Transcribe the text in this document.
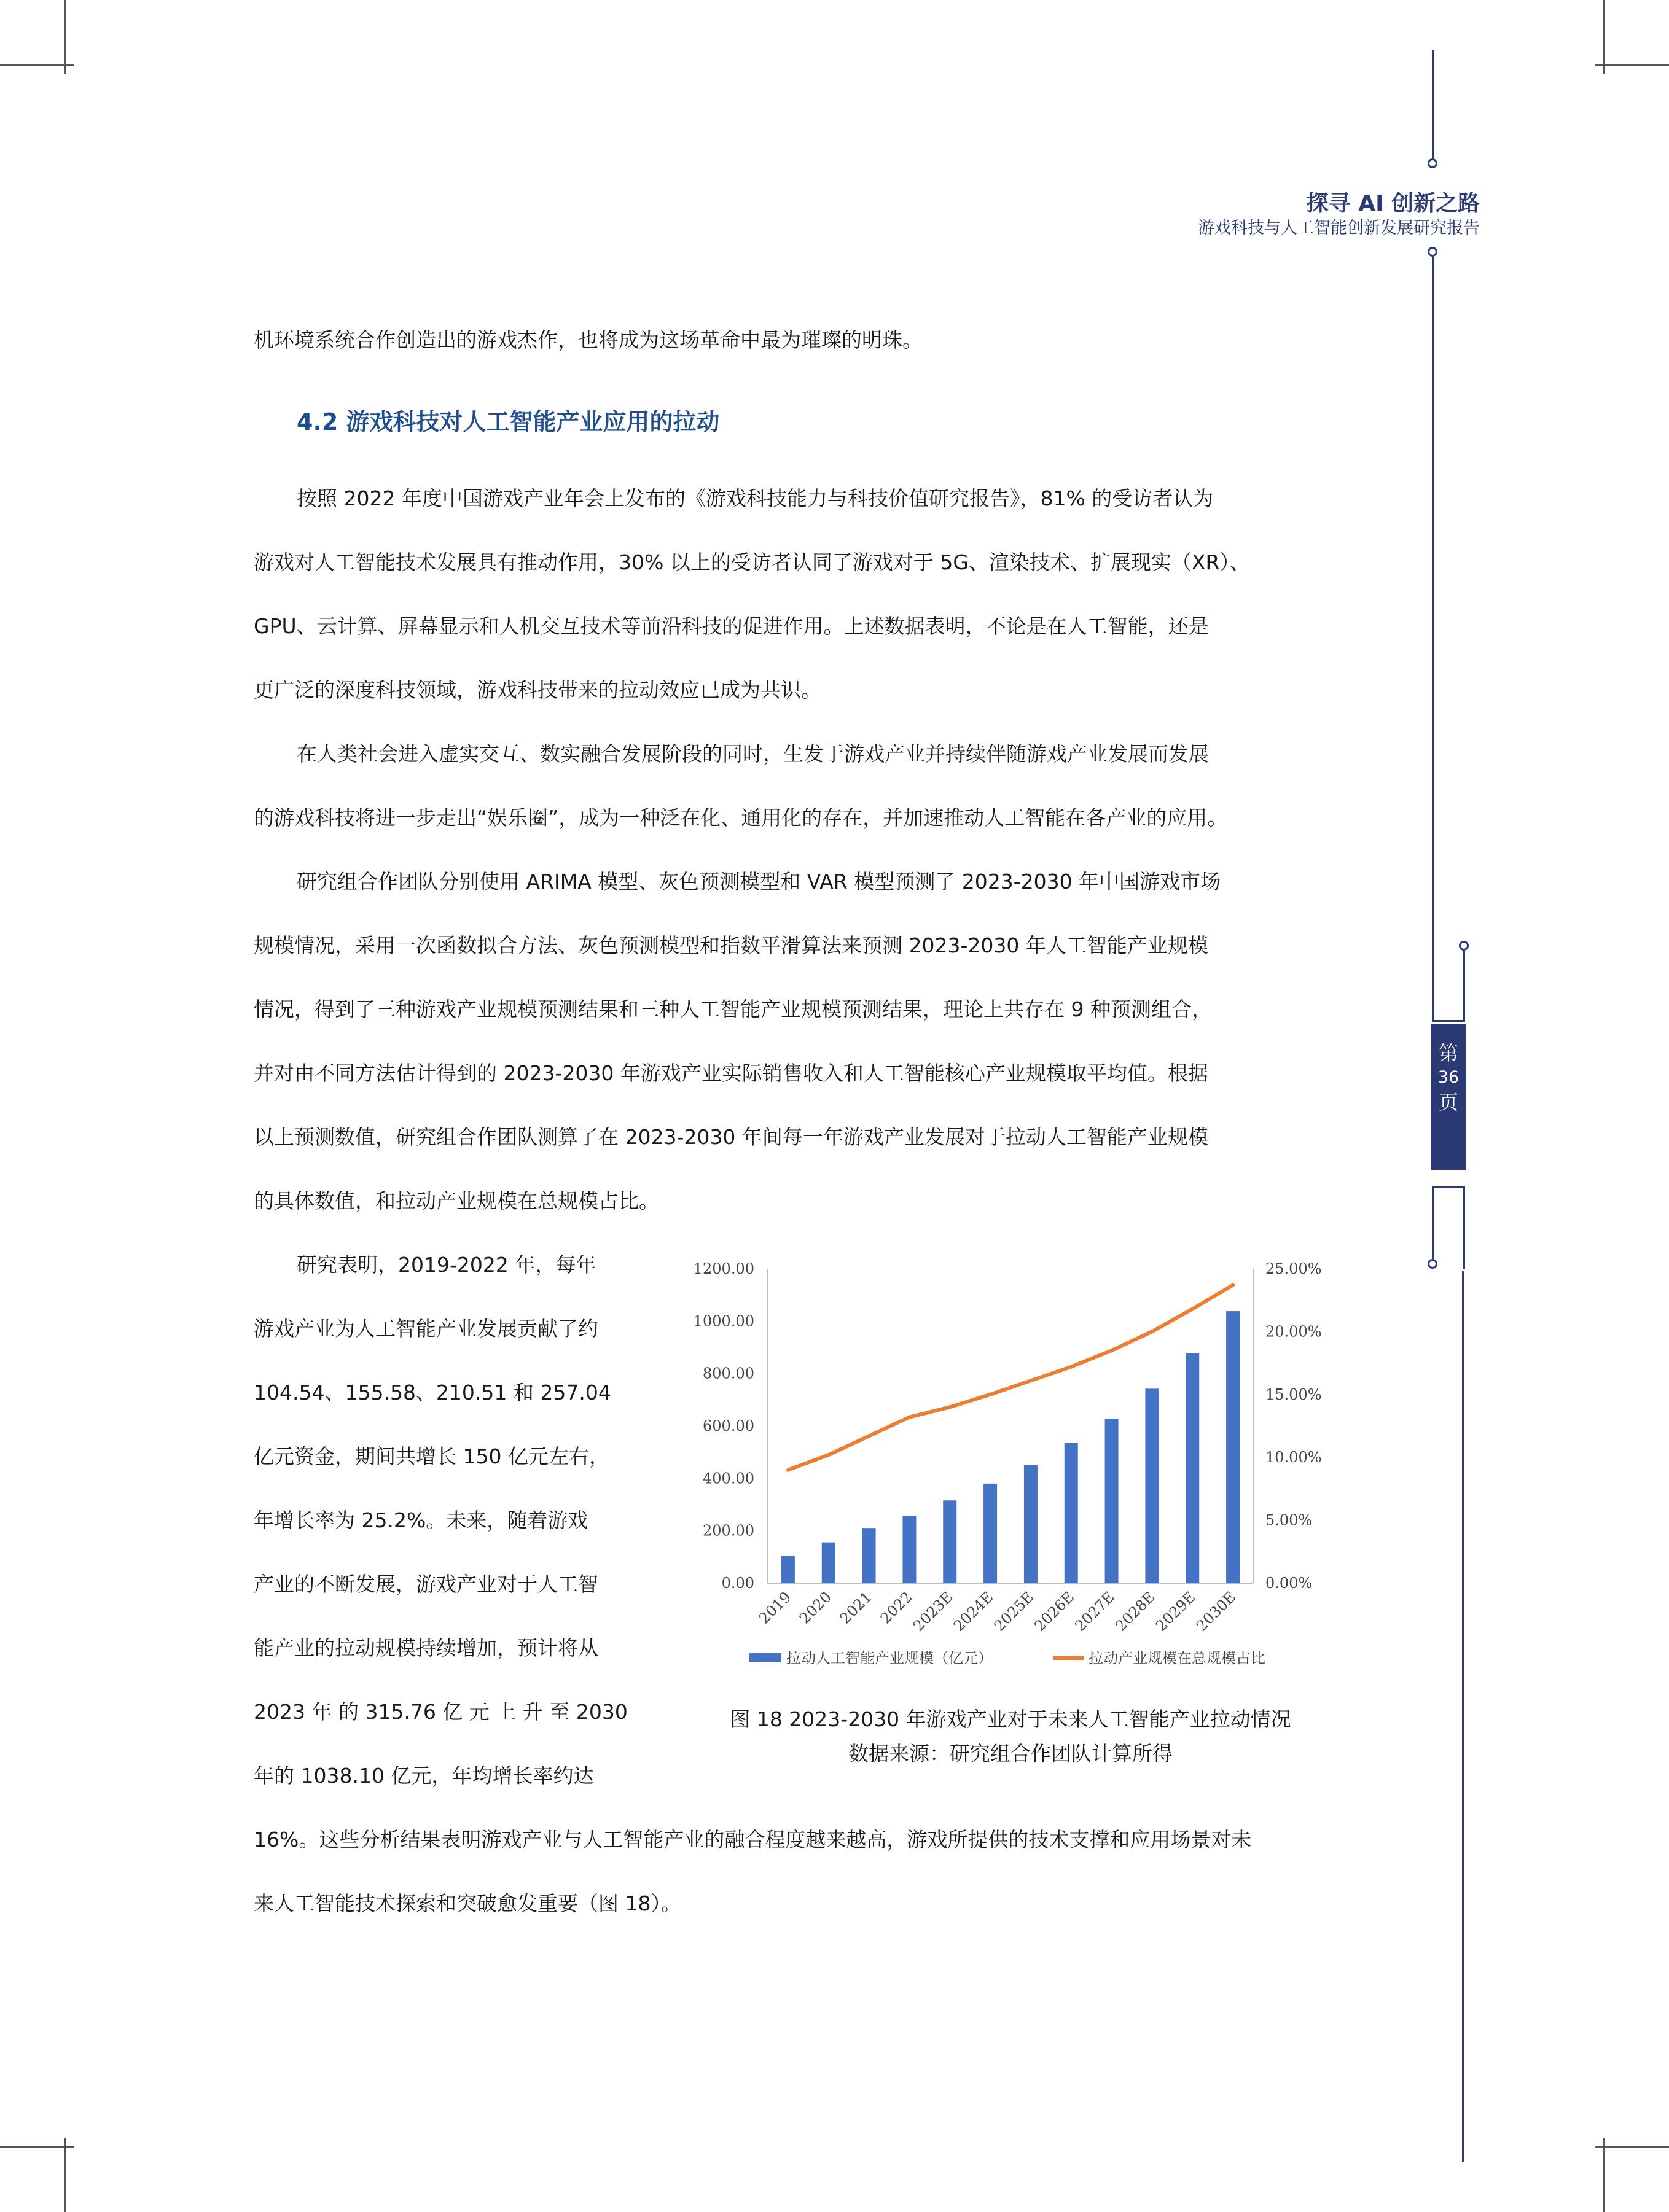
第
36
页
探寻 AI 创新之路
游戏科技与人工智能创新发展研究报告
机环境系统合作创造出的游戏杰作，也将成为这场革命中最为璀璨的明珠。
4.2 游戏科技对人工智能产业应用的拉动
按照 2022 年度中国游戏产业年会上发布的《游戏科技能力与科技价值研究报告》，81% 的受访者认为
游戏对人工智能技术发展具有推动作用，30% 以上的受访者认同了游戏对于 5G、渲染技术、扩展现实（XR）、
GPU、云计算、屏幕显示和人机交互技术等前沿科技的促进作用。上述数据表明，不论是在人工智能，还是
更广泛的深度科技领域，游戏科技带来的拉动效应已成为共识。
在人类社会进入虚实交互、数实融合发展阶段的同时，生发于游戏产业并持续伴随游戏产业发展而发展
的游戏科技将进一步走出“娱乐圈”，成为一种泛在化、通用化的存在，并加速推动人工智能在各产业的应用。
研究组合作团队分别使用 ARIMA 模型、灰色预测模型和 VAR 模型预测了 2023-2030 年中国游戏市场
规模情况，采用一次函数拟合方法、灰色预测模型和指数平滑算法来预测 2023-2030 年人工智能产业规模
情况，得到了三种游戏产业规模预测结果和三种人工智能产业规模预测结果，理论上共存在 9 种预测组合，
并对由不同方法估计得到的 2023-2030 年游戏产业实际销售收入和人工智能核心产业规模取平均值。根据
以上预测数值，研究组合作团队测算了在 2023-2030 年间每一年游戏产业发展对于拉动人工智能产业规模
的具体数值，和拉动产业规模在总规模占比。
研究表明，2019-2022 年，每年
游戏产业为人工智能产业发展贡献了约
104.54、155.58、210.51 和 257.04
亿元资金，期间共增长 150 亿元左右，
年增长率为 25.2%。未来，随着游戏
产业的不断发展，游戏产业对于人工智
能产业的拉动规模持续增加，预计将从
2023 年 的 315.76 亿 元 上 升 至 2030
年的 1038.10 亿元，年均增长率约达
16%。这些分析结果表明游戏产业与人工智能产业的融合程度越来越高，游戏所提供的技术支撑和应用场景对未
来人工智能技术探索和突破愈发重要（图 18）。
0.00
200.00
400.00
600.00
800.00
1000.00
1200.00
0.00%
5.00%
10.00%
15.00%
20.00%
25.00%
2019 2020 2021 2022
2023E
2024E
2025E
2026E
2027E
2028E
2029E
2030E
拉动人工智能产业规模（亿元）	拉动产业规模在总规模占比
图 18 2023-2030 年游戏产业对于未来人工智能产业拉动情况
数据来源：研究组合作团队计算所得
